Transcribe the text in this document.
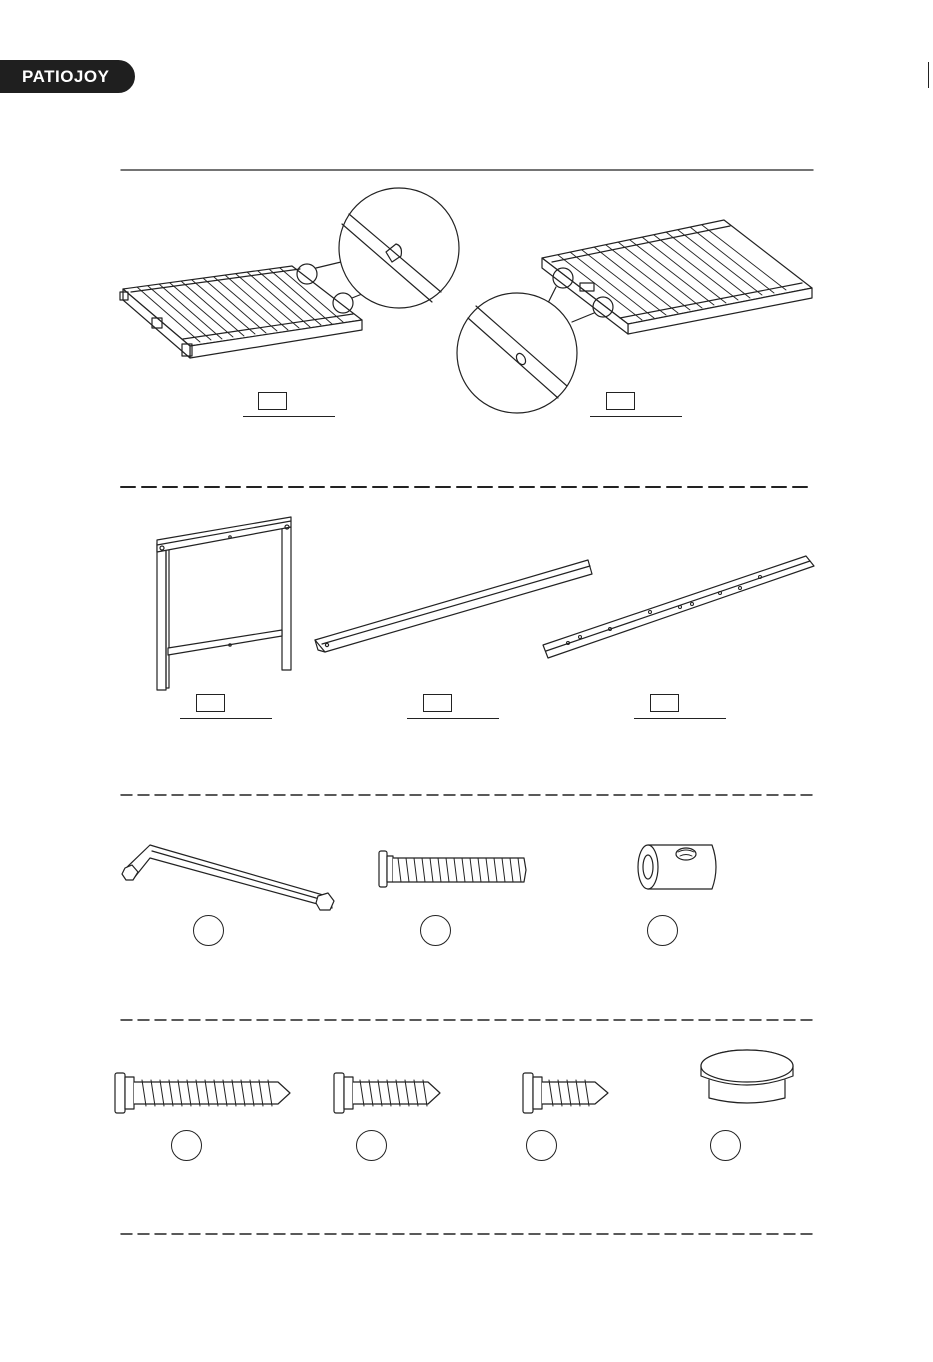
PATIOJOY
